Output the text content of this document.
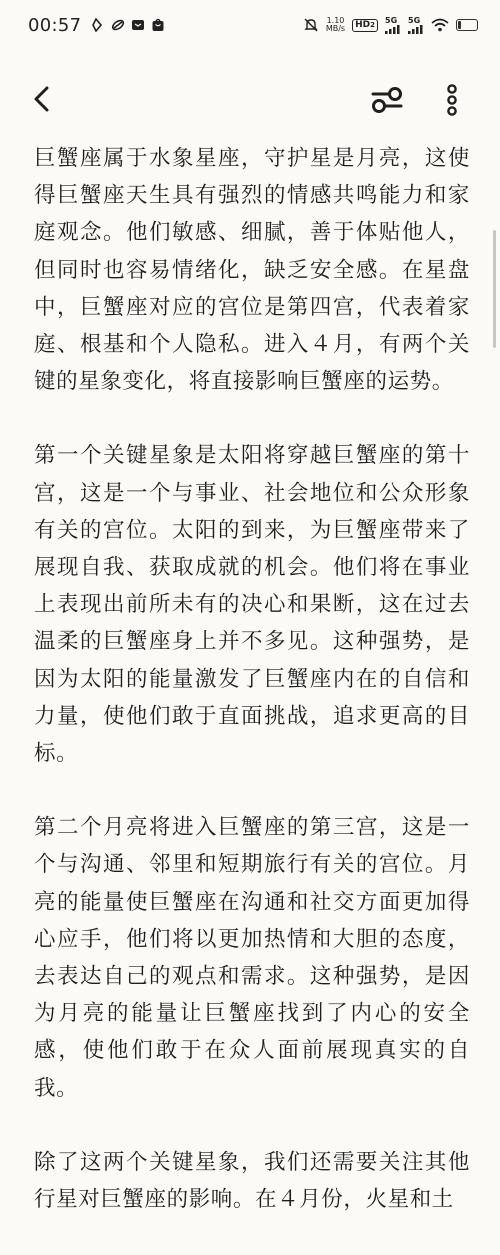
00:57	1.10
MB/s	HD2	5G 5G

巨蟹座属于水象星座，守护星是月亮，这使得巨蟹座天生具有强烈的情感共鸣能力和家庭观念。他们敏感、细腻，善于体贴他人，但同时也容易情绪化，缺乏安全感。在星盘中，巨蟹座对应的宫位是第四宫，代表着家庭、根基和个人隐私。进入４月，有两个关键的星象变化，将直接影响巨蟹座的运势。

第一个关键星象是太阳将穿越巨蟹座的第十宫，这是一个与事业、社会地位和公众形象有关的宫位。太阳的到来，为巨蟹座带来了展现自我、获取成就的机会。他们将在事业上表现出前所未有的决心和果断，这在过去温柔的巨蟹座身上并不多见。这种强势，是因为太阳的能量激发了巨蟹座内在的自信和力量，使他们敢于直面挑战，追求更高的目标。

第二个月亮将进入巨蟹座的第三宫，这是一个与沟通、邻里和短期旅行有关的宫位。月亮的能量使巨蟹座在沟通和社交方面更加得心应手，他们将以更加热情和大胆的态度，去表达自己的观点和需求。这种强势，是因为月亮的能量让巨蟹座找到了内心的安全感，使他们敢于在众人面前展现真实的自我。

除了这两个关键星象，我们还需要关注其他行星对巨蟹座的影响。在４月份，火星和土
